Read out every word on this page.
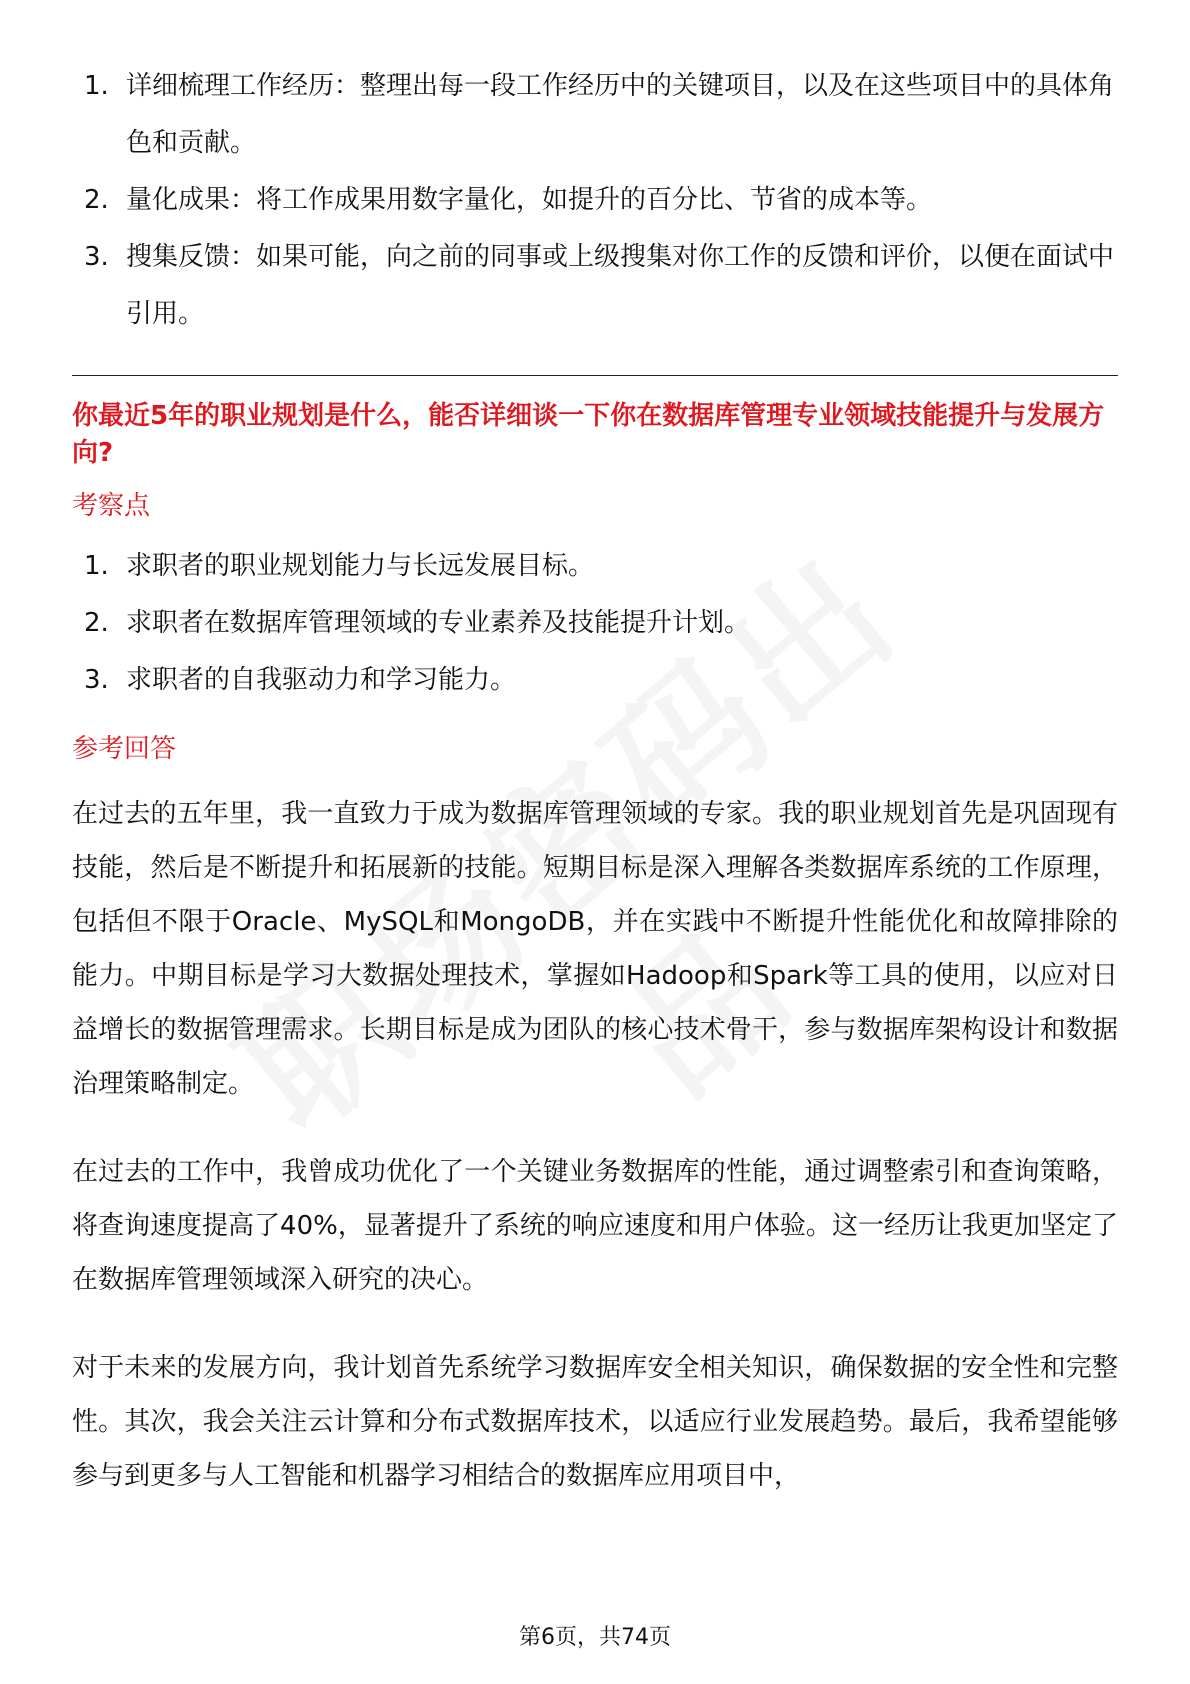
1. 详细梳理工作经历：整理出每一段工作经历中的关键项目，以及在这些项目中的具体角色和贡献。
2. 量化成果：将工作成果用数字量化，如提升的百分比、节省的成本等。
3. 搜集反馈：如果可能，向之前的同事或上级搜集对你工作的反馈和评价，以便在面试中引用。
你最近5年的职业规划是什么，能否详细谈一下你在数据库管理专业领域技能提升与发展方向?
考察点
1. 求职者的职业规划能力与长远发展目标。
2. 求职者在数据库管理领域的专业素养及技能提升计划。
3. 求职者的自我驱动力和学习能力。
参考回答

在过去的五年里，我一直致力于成为数据库管理领域的专家。我的职业规划首先是巩固现有技能，然后是不断提升和拓展新的技能。短期目标是深入理解各类数据库系统的工作原理，包括但不限于Oracle、MySQL和MongoDB，并在实践中不断提升性能优化和故障排除的能力。中期目标是学习大数据处理技术，掌握如Hadoop和Spark等工具的使用，以应对日益增长的数据管理需求。长期目标是成为团队的核心技术骨干，参与数据库架构设计和数据治理策略制定。

在过去的工作中，我曾成功优化了一个关键业务数据库的性能，通过调整索引和查询策略，将查询速度提高了40%，显著提升了系统的响应速度和用户体验。这一经历让我更加坚定了在数据库管理领域深入研究的决心。

对于未来的发展方向，我计划首先系统学习数据库安全相关知识，确保数据的安全性和完整性。其次，我会关注云计算和分布式数据库技术，以适应行业发展趋势。最后，我希望能够参与到更多与人工智能和机器学习相结合的数据库应用项目中，

第6页，共74页
